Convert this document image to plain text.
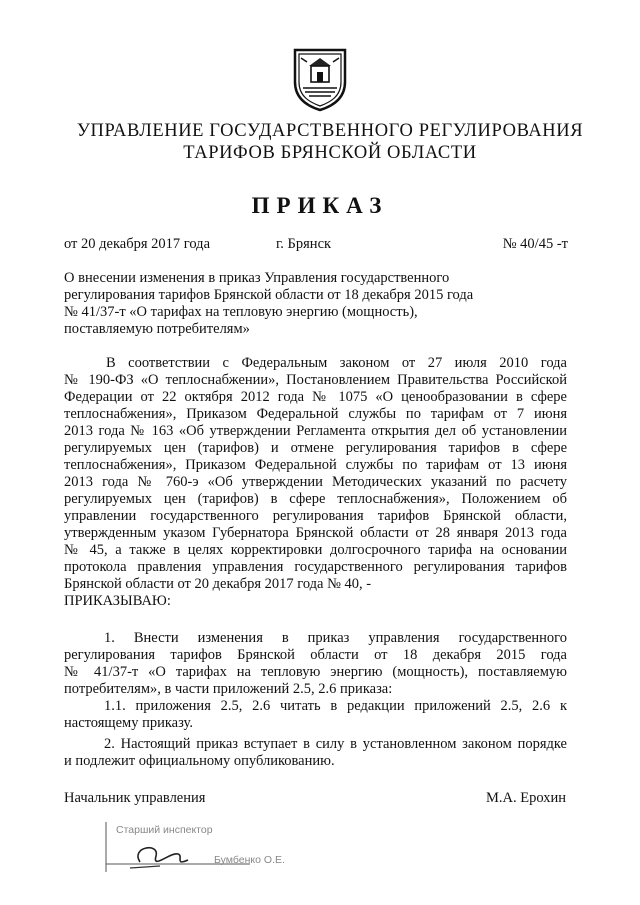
УПРАВЛЕНИЕ ГОСУДАРСТВЕННОГО РЕГУЛИРОВАНИЯ
ТАРИФОВ БРЯНСКОЙ ОБЛАСТИ
ПРИКАЗ
от 20 декабря 2017 года	г. Брянск	№ 40/45 -т
О внесении изменения в приказ Управления государственного
регулирования тарифов Брянской области от 18 декабря 2015 года
№ 41/37-т «О тарифах на тепловую энергию (мощность),
поставляемую потребителям»
В соответствии с Федеральным законом от 27 июля 2010 года
№ 190-ФЗ «О теплоснабжении», Постановлением Правительства Российской
Федерации от 22 октября 2012 года № 1075 «О ценообразовании в сфере
теплоснабжения», Приказом Федеральной службы по тарифам от 7 июня
2013 года № 163 «Об утверждении Регламента открытия дел об установлении
регулируемых цен (тарифов) и отмене регулирования тарифов в сфере
теплоснабжения», Приказом Федеральной службы по тарифам от 13 июня
2013 года № 760-э «Об утверждении Методических указаний по расчету
регулируемых цен (тарифов) в сфере теплоснабжения», Положением об
управлении государственного регулирования тарифов Брянской области,
утвержденным указом Губернатора Брянской области от 28 января 2013 года
№ 45, а также в целях корректировки долгосрочного тарифа на основании
протокола правления управления государственного регулирования тарифов
Брянской области от 20 декабря 2017 года № 40, -
ПРИКАЗЫВАЮ:
1. Внести изменения в приказ управления государственного
регулирования тарифов Брянской области от 18 декабря 2015 года
№ 41/37-т «О тарифах на тепловую энергию (мощность), поставляемую
потребителям», в части приложений 2.5, 2.6 приказа:
1.1. приложения 2.5, 2.6 читать в редакции приложений 2.5, 2.6 к
настоящему приказу.
2. Настоящий приказ вступает в силу в установленном законом порядке
и подлежит официальному опубликованию.
Начальник управления	М.А. Ерохин
Старший инспектор
Бумбенко О.Е.
